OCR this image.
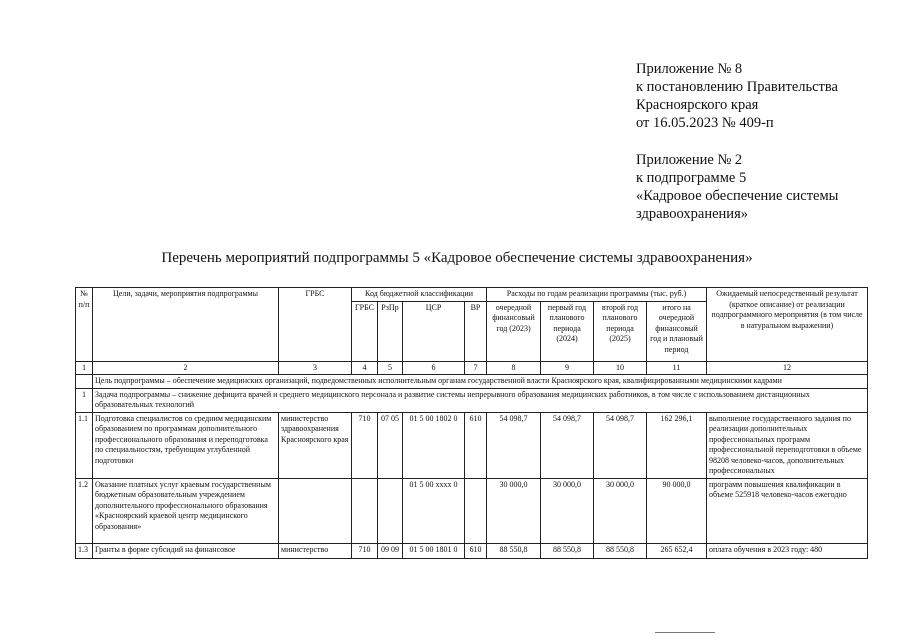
Приложение № 8
к постановлению Правительства
Красноярского края
от 16.05.2023 № 409-п
Приложение № 2
к подпрограмме 5
«Кадровое обеспечение системы
здравоохранения»
Перечень мероприятий подпрограммы 5 «Кадровое обеспечение системы здравоохранения»
№ п/п	Цели, задачи, мероприятия подпрограммы	ГРБС	Код бюджетной классификации				Расходы по годам реализации программы (тыс. руб.)				Ожидаемый непосредственный результат (краткое описание) от реализации подпрограммного мероприятия (в том числе в натуральном выражении)
			ГРБС	РзПр	ЦСР	ВР	очередной финансовый год (2023)	первый год планового периода (2024)	второй год планового периода (2025)	итого на очередной финансовый год и плановый период	
1	2	3	4	5	6	7	8	9	10	11	12
	Цель подпрограммы – обеспечение медицинских организаций, подведомственных исполнительным органам государственной власти Красноярского края, квалифицированными медицинскими кадрами										
1	Задача подпрограммы – снижение дефицита врачей и среднего медицинского персонала и развитие системы непрерывного образования медицинских работников, в том числе с использованием дистанционных образовательных технологий										
1.1	Подготовка специалистов со средним медицинским образованием по программам дополнительного профессионального образования и переподготовка по специальностям, требующим углубленной подготовки	министерство здравоохранения Красноярского края	710	07 05	01 5 00 1802 0	610	54 098,7	54 098,7	54 098,7	162 296,1	выполнение государственного задания по реализации дополнительных профессиональных программ профессиональной переподготовки в объеме 98208 человеко-часов, дополнительных профессиональных
1.2	Оказание платных услуг краевым государственным бюджетным образовательным учреждением дополнительного профессионального образования «Красноярский краевой центр медицинского образования»				01 5 00 хххх 0		30 000,0	30 000,0	30 000,0	90 000,0	программ повышения квалификации в объеме 525918 человеко-часов ежегодно
1.3	Гранты в форме субсидий на финансовое	министерство	710	09 09	01 5 00 1801 0	610	88 550,8	88 550,8	88 550,8	265 652,4	оплата обучения в 2023 году: 480
